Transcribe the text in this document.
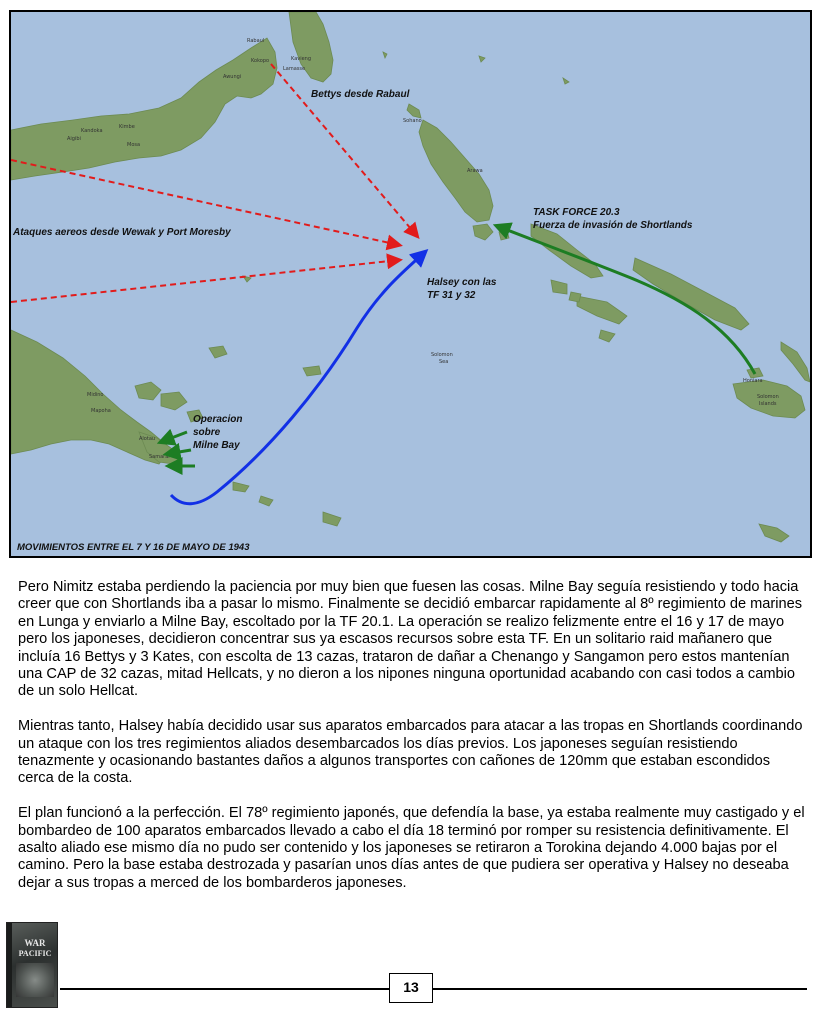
Rabaul
Kokopo	Kavieng
Lamasse
Awungi
Kandoka
Kimbe
Aigibi
Mosa
Sohano
Arawa
Solomon
Sea
Honiara
Solomon
Islands
Midino
Mapoha
Alotau
Samarai
Bettys desde Rabaul
Ataques aereos desde Wewak y Port Moresby
TASK FORCE 20.3
Fuerza de invasión de Shortlands
Halsey con las
TF 31 y 32
Operacion
sobre
Milne Bay
MOVIMIENTOS ENTRE EL 7 Y 16 DE MAYO DE 1943

Pero Nimitz estaba perdiendo la paciencia por muy bien que fuesen las cosas. Milne Bay seguía resistiendo y todo hacia creer que con Shortlands iba a pasar lo mismo. Finalmente se decidió embarcar rapidamente al 8º regimiento de marines en Lunga y enviarlo a Milne Bay, escoltado por la TF 20.1. La operación se realizo felizmente entre el 16 y 17 de mayo pero los japoneses, decidieron concentrar sus ya escasos recursos sobre esta TF. En un solitario raid mañanero que incluía 16 Bettys y 3 Kates, con escolta de 13 cazas, trataron de dañar a Chenango y Sangamon pero estos mantenían una CAP de 32 cazas, mitad Hellcats, y no dieron a los nipones ninguna oportunidad acabando con casi todos a cambio de un solo Hellcat.

Mientras tanto, Halsey había decidido usar sus aparatos embarcados para atacar a las tropas en Shortlands coordinando un ataque con los tres regimientos aliados desembarcados los días previos. Los japoneses seguían resistiendo tenazmente y ocasionando bastantes daños a algunos transportes con cañones de 120mm que estaban escondidos cerca de la costa.

El plan funcionó a la perfección. El 78º regimiento japonés, que defendía la base, ya estaba realmente muy castigado y el bombardeo de 100 aparatos embarcados llevado a cabo el día 18 terminó por romper su resistencia definitivamente. El asalto aliado ese mismo día no pudo ser contenido y los japoneses se retiraron a Torokina dejando 4.000 bajas por el camino. Pero la base estaba destrozada y pasarían unos días antes de que pudiera ser operativa y Halsey no deseaba dejar a sus tropas a merced de los bombarderos japoneses.

WAR
PACIFIC
13
